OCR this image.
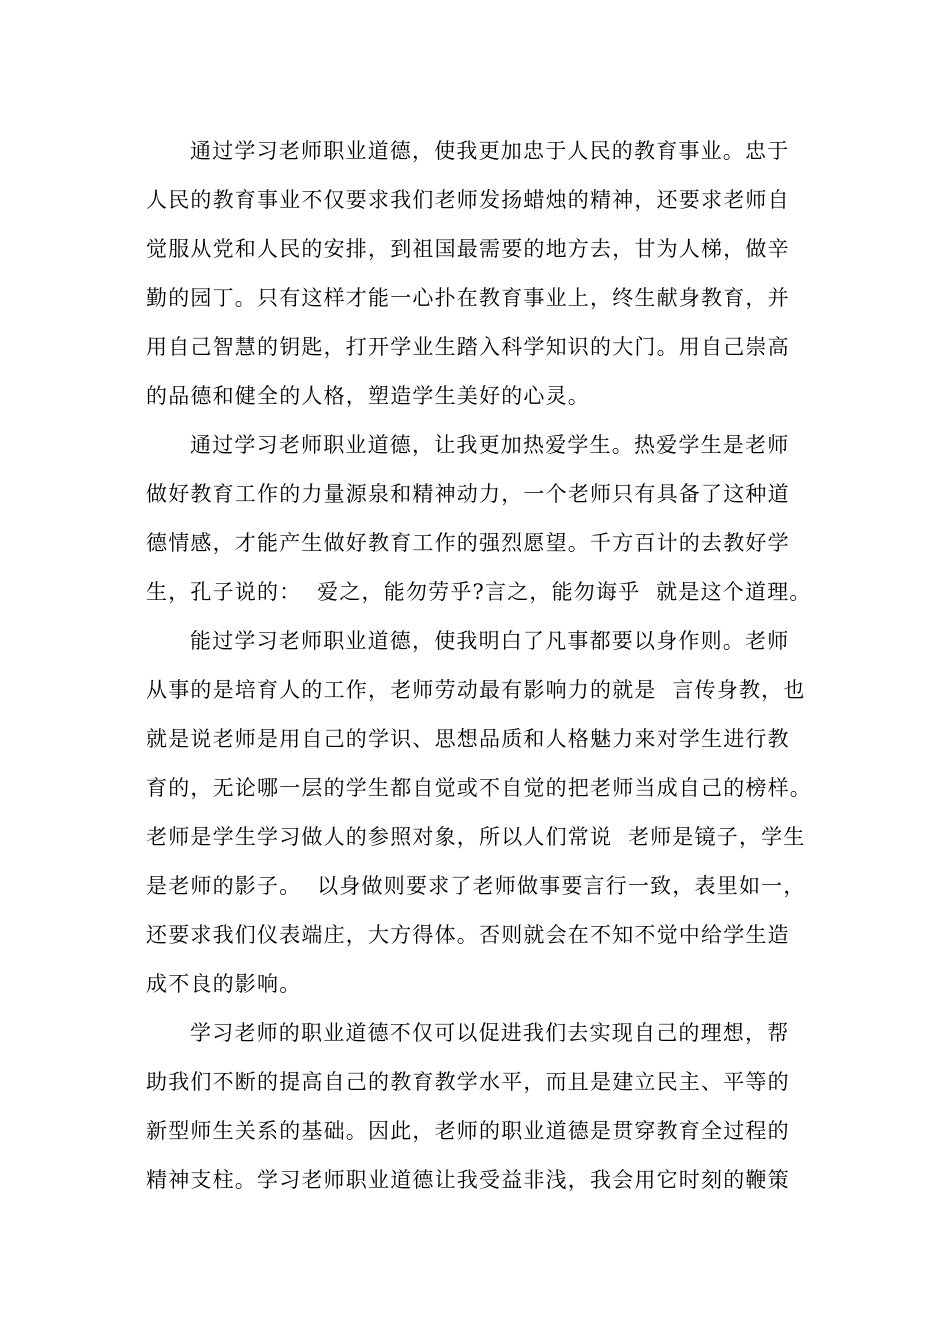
通过学习老师职业道德，使我更加忠于人民的教育事业。忠于
人民的教育事业不仅要求我们老师发扬蜡烛的精神，还要求老师自
觉服从党和人民的安排，到祖国最需要的地方去，甘为人梯，做辛
勤的园丁。只有这样才能一心扑在教育事业上，终生献身教育，并
用自己智慧的钥匙，打开学业生踏入科学知识的大门。用自己崇高
的品德和健全的人格，塑造学生美好的心灵。
通过学习老师职业道德，让我更加热爱学生。热爱学生是老师
做好教育工作的力量源泉和精神动力，一个老师只有具备了这种道
德情感，才能产生做好教育工作的强烈愿望。千方百计的去教好学
生，孔子说的：  爱之，能勿劳乎?言之，能勿诲乎  就是这个道理。
能过学习老师职业道德，使我明白了凡事都要以身作则。老师
从事的是培育人的工作，老师劳动最有影响力的就是  言传身教，也
就是说老师是用自己的学识、思想品质和人格魅力来对学生进行教
育的，无论哪一层的学生都自觉或不自觉的把老师当成自己的榜样。
老师是学生学习做人的参照对象，所以人们常说  老师是镜子，学生
是老师的影子。  以身做则要求了老师做事要言行一致，表里如一，
还要求我们仪表端庄，大方得体。否则就会在不知不觉中给学生造
成不良的影响。
学习老师的职业道德不仅可以促进我们去实现自己的理想，帮
助我们不断的提高自己的教育教学水平，而且是建立民主、平等的
新型师生关系的基础。因此，老师的职业道德是贯穿教育全过程的
精神支柱。学习老师职业道德让我受益非浅，我会用它时刻的鞭策
